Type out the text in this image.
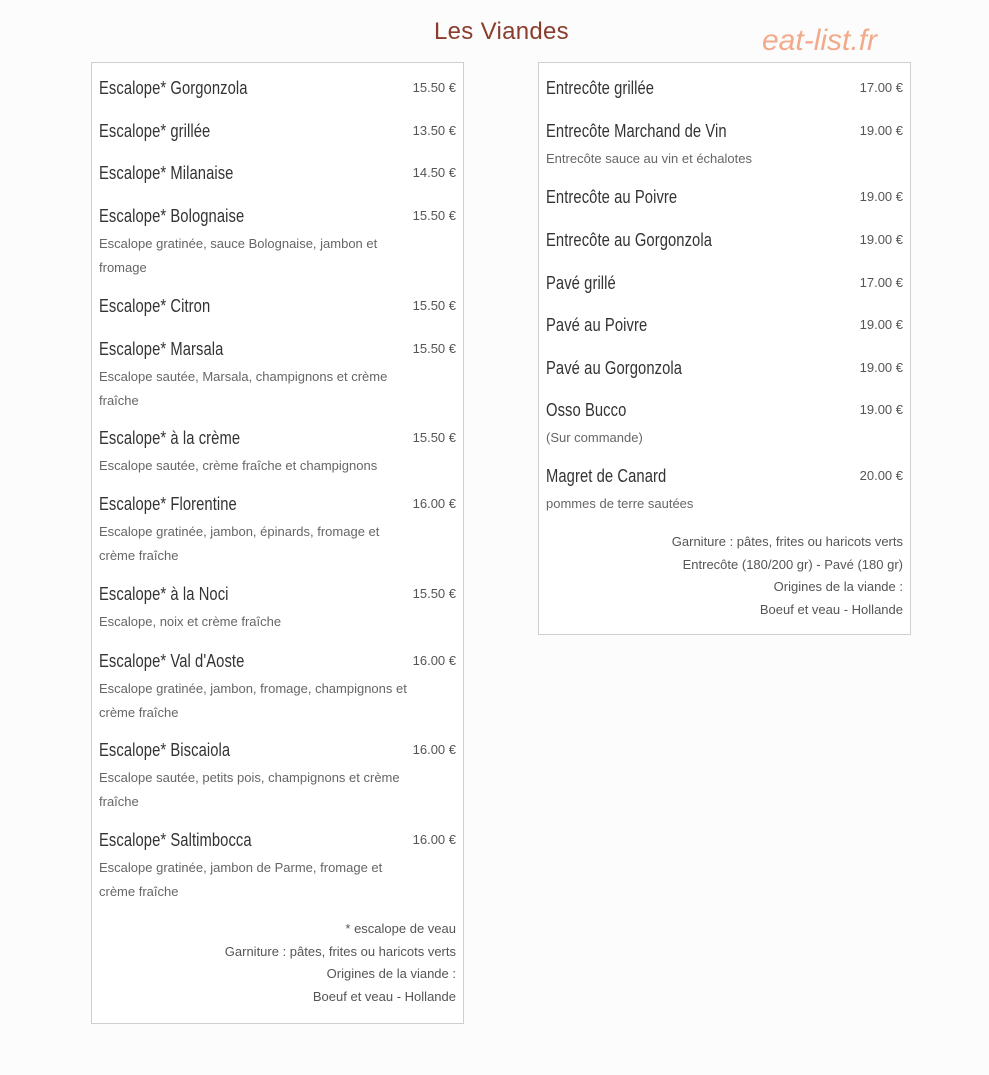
Les Viandes	eat-list.fr
Escalope* Gorgonzola	15.50 €
Escalope* grillée	13.50 €
Escalope* Milanaise	14.50 €
Escalope* Bolognaise	15.50 €
Escalope gratinée, sauce Bolognaise, jambon et fromage
Escalope* Citron	15.50 €
Escalope* Marsala	15.50 €
Escalope sautée, Marsala, champignons et crème fraîche
Escalope* à la crème	15.50 €
Escalope sautée, crème fraîche et champignons
Escalope* Florentine	16.00 €
Escalope gratinée, jambon, épinards, fromage et crème fraîche
Escalope* à la Noci	15.50 €
Escalope, noix et crème fraîche
Escalope* Val d'Aoste	16.00 €
Escalope gratinée, jambon, fromage, champignons et crème fraîche
Escalope* Biscaiola	16.00 €
Escalope sautée, petits pois, champignons et crème fraîche
Escalope* Saltimbocca	16.00 €
Escalope gratinée, jambon de Parme, fromage et crème fraîche
* escalope de veau
Garniture : pâtes, frites ou haricots verts
Origines de la viande :
Boeuf et veau - Hollande
Entrecôte grillée	17.00 €
Entrecôte Marchand de Vin	19.00 €
Entrecôte sauce au vin et échalotes
Entrecôte au Poivre	19.00 €
Entrecôte au Gorgonzola	19.00 €
Pavé grillé	17.00 €
Pavé au Poivre	19.00 €
Pavé au Gorgonzola	19.00 €
Osso Bucco	19.00 €
(Sur commande)
Magret de Canard	20.00 €
pommes de terre sautées
Garniture : pâtes, frites ou haricots verts
Entrecôte (180/200 gr) - Pavé (180 gr)
Origines de la viande :
Boeuf et veau - Hollande
